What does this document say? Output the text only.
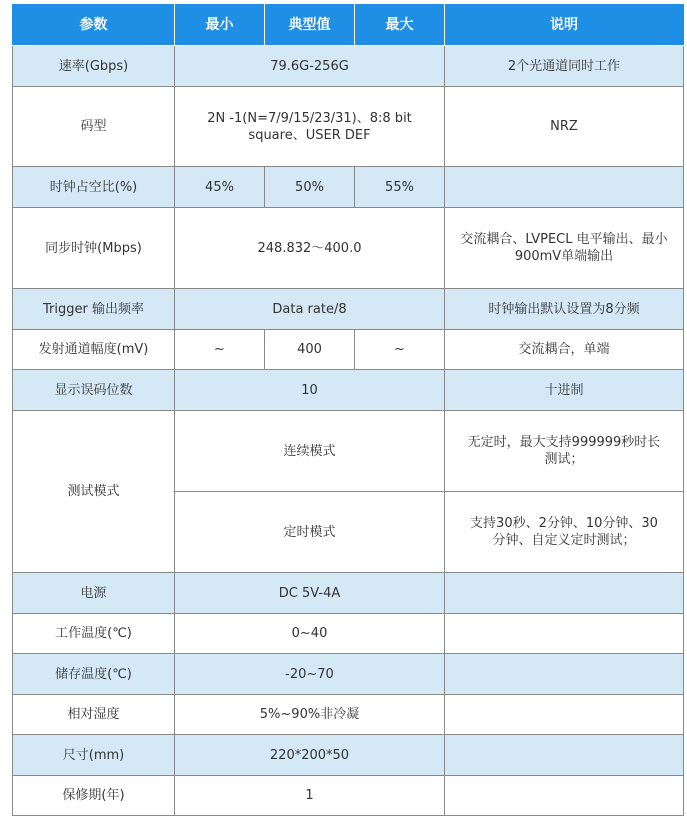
参数	最小	典型值	最大	说明
速率(Gbps)	79.6G-256G			2个光通道同时工作
码型	2N -1(N=7/9/15/23/31)、8:8 bit square、USER DEF			NRZ
时钟占空比(%)	45%	50%	55%	
同步时钟(Mbps)	248.832～400.0			交流耦合、LVPECL 电平输出、最小900mV单端输出
Trigger 输出频率	Data rate/8			时钟输出默认设置为8分频
发射通道幅度(mV)	~	400	~	交流耦合，单端
显示误码位数	10			十进制
测试模式	连续模式			无定时，最大支持999999秒时长测试；
	定时模式			支持30秒、2分钟、10分钟、30分钟、自定义定时测试；
电源	DC 5V-4A			
工作温度(℃)	0~40			
储存温度(℃)	-20~70			
相对湿度	5%~90%非冷凝			
尺寸(mm)	220*200*50			
保修期(年)	1			
